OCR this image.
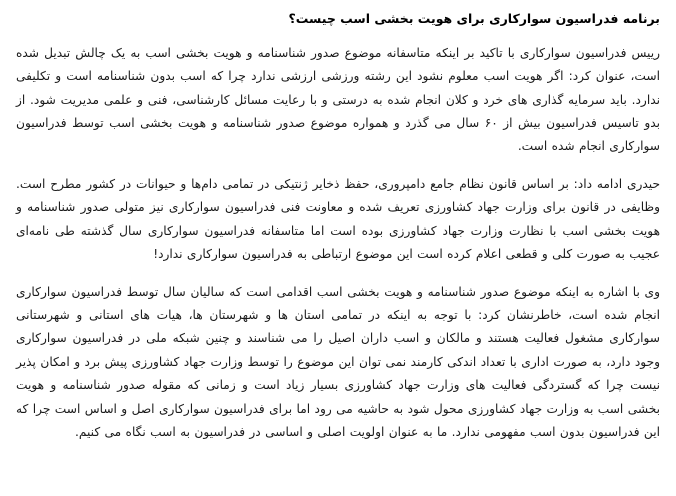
برنامه فدراسیون سوارکاری برای هویت بخشی اسب چیست؟

رییس فدراسیون سوارکاری با تاکید بر اینکه متاسفانه موضوع صدور شناسنامه و هویت بخشی اسب به یک چالش تبدیل شده است، عنوان کرد: اگر هویت اسب معلوم نشود این رشته ورزشی ارزشی ندارد چرا که اسب بدون شناسنامه است و تکلیفی ندارد. باید سرمایه گذاری های خرد و کلان انجام شده به درستی و با رعایت مسائل کارشناسی، فنی و علمی مدیریت شود. از بدو تاسیس فدراسیون بیش از ۶۰ سال می گذرد و همواره موضوع صدور شناسنامه و هویت بخشی اسب توسط فدراسیون سوارکاری انجام شده است.

حیدری ادامه داد: بر اساس قانون نظام جامع دامپروری، حفظ ذخایر ژنتیکی در تمامی دام‌ها و حیوانات در کشور مطرح است. وظایفی در قانون برای وزارت جهاد کشاورزی تعریف شده و معاونت فنی فدراسیون سوارکاری نیز متولی صدور شناسنامه و هویت بخشی اسب با نظارت وزارت جهاد کشاورزی بوده است اما متاسفانه فدراسیون سوارکاری سال گذشته طی نامه‌ای عجیب به صورت کلی و قطعی اعلام کرده است این موضوع ارتباطی به فدراسیون سوارکاری ندارد!

وی با اشاره به اینکه موضوع صدور شناسنامه و هویت بخشی اسب اقدامی است که سالیان سال توسط فدراسیون سوارکاری انجام شده است، خاطرنشان کرد: با توجه به اینکه در تمامی استان ها و شهرستان ها، هیات های استانی و شهرستانی سوارکاری مشغول فعالیت هستند و مالکان و اسب داران اصیل را می شناسند و چنین شبکه ملی در فدراسیون سوارکاری وجود دارد، به صورت اداری با تعداد اندکی کارمند نمی توان این موضوع را توسط وزارت جهاد کشاورزی پیش برد و امکان پذیر نیست چرا که گستردگی فعالیت های وزارت جهاد کشاورزی بسیار زیاد است و زمانی که مقوله صدور شناسنامه و هویت بخشی اسب به وزارت جهاد کشاورزی محول شود به حاشیه می رود اما برای فدراسیون سوارکاری اصل و اساس است چرا که این فدراسیون بدون اسب مفهومی ندارد. ما به عنوان اولویت اصلی و اساسی در فدراسیون به اسب نگاه می کنیم.
